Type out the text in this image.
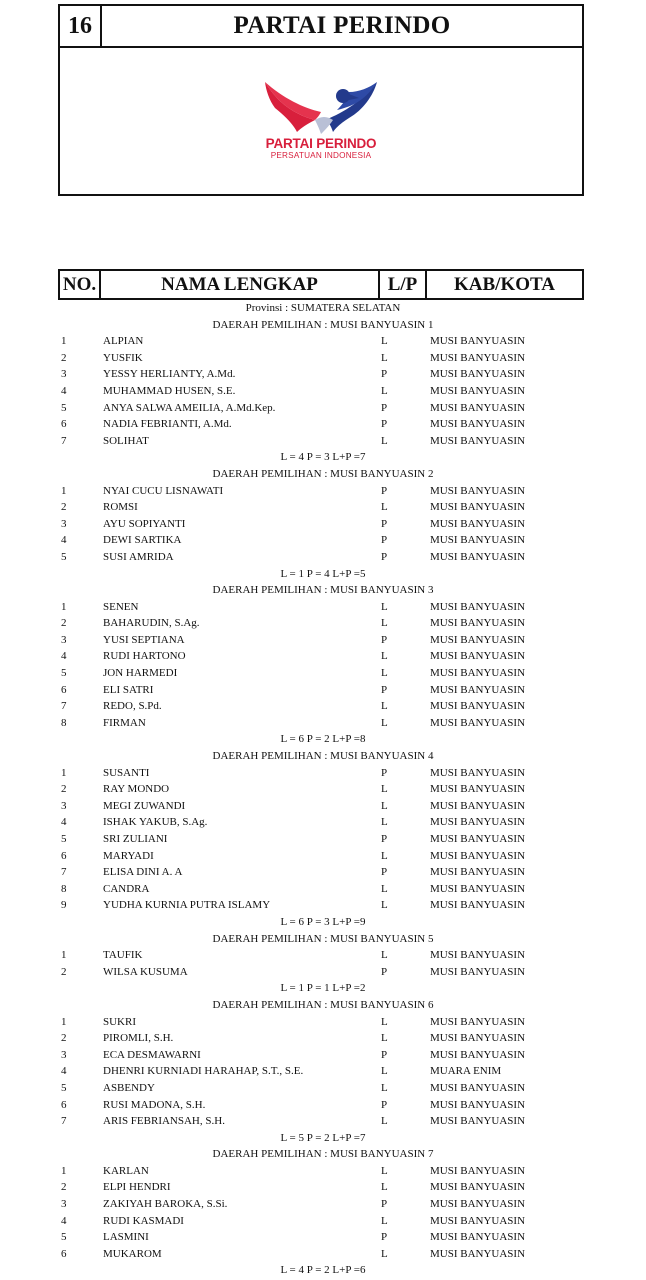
16	PARTAI PERINDO
PARTAI PERINDO
PERSATUAN INDONESIA
NO.	NAMA LENGKAP	L/P	KAB/KOTA
Provinsi : SUMATERA SELATAN
DAERAH PEMILIHAN : MUSI BANYUASIN 1
1	ALPIAN	L	MUSI BANYUASIN
2	YUSFIK	L	MUSI BANYUASIN
3	YESSY HERLIANTY, A.Md.	P	MUSI BANYUASIN
4	MUHAMMAD HUSEN, S.E.	L	MUSI BANYUASIN
5	ANYA SALWA AMEILIA, A.Md.Kep.	P	MUSI BANYUASIN
6	NADIA FEBRIANTI, A.Md.	P	MUSI BANYUASIN
7	SOLIHAT	L	MUSI BANYUASIN
L = 4 P = 3 L+P =7
DAERAH PEMILIHAN : MUSI BANYUASIN 2
1	NYAI CUCU LISNAWATI	P	MUSI BANYUASIN
2	ROMSI	L	MUSI BANYUASIN
3	AYU SOPIYANTI	P	MUSI BANYUASIN
4	DEWI SARTIKA	P	MUSI BANYUASIN
5	SUSI AMRIDA	P	MUSI BANYUASIN
L = 1 P = 4 L+P =5
DAERAH PEMILIHAN : MUSI BANYUASIN 3
1	SENEN	L	MUSI BANYUASIN
2	BAHARUDIN, S.Ag.	L	MUSI BANYUASIN
3	YUSI SEPTIANA	P	MUSI BANYUASIN
4	RUDI HARTONO	L	MUSI BANYUASIN
5	JON HARMEDI	L	MUSI BANYUASIN
6	ELI SATRI	P	MUSI BANYUASIN
7	REDO, S.Pd.	L	MUSI BANYUASIN
8	FIRMAN	L	MUSI BANYUASIN
L = 6 P = 2 L+P =8
DAERAH PEMILIHAN : MUSI BANYUASIN 4
1	SUSANTI	P	MUSI BANYUASIN
2	RAY MONDO	L	MUSI BANYUASIN
3	MEGI ZUWANDI	L	MUSI BANYUASIN
4	ISHAK YAKUB, S.Ag.	L	MUSI BANYUASIN
5	SRI ZULIANI	P	MUSI BANYUASIN
6	MARYADI	L	MUSI BANYUASIN
7	ELISA DINI A. A	P	MUSI BANYUASIN
8	CANDRA	L	MUSI BANYUASIN
9	YUDHA KURNIA PUTRA ISLAMY	L	MUSI BANYUASIN
L = 6 P = 3 L+P =9
DAERAH PEMILIHAN : MUSI BANYUASIN 5
1	TAUFIK	L	MUSI BANYUASIN
2	WILSA KUSUMA	P	MUSI BANYUASIN
L = 1 P = 1 L+P =2
DAERAH PEMILIHAN : MUSI BANYUASIN 6
1	SUKRI	L	MUSI BANYUASIN
2	PIROMLI, S.H.	L	MUSI BANYUASIN
3	ECA DESMAWARNI	P	MUSI BANYUASIN
4	DHENRI KURNIADI HARAHAP, S.T., S.E.	L	MUARA ENIM
5	ASBENDY	L	MUSI BANYUASIN
6	RUSI MADONA, S.H.	P	MUSI BANYUASIN
7	ARIS FEBRIANSAH, S.H.	L	MUSI BANYUASIN
L = 5 P = 2 L+P =7
DAERAH PEMILIHAN : MUSI BANYUASIN 7
1	KARLAN	L	MUSI BANYUASIN
2	ELPI HENDRI	L	MUSI BANYUASIN
3	ZAKIYAH BAROKA, S.Si.	P	MUSI BANYUASIN
4	RUDI KASMADI	L	MUSI BANYUASIN
5	LASMINI	P	MUSI BANYUASIN
6	MUKAROM	L	MUSI BANYUASIN
L = 4 P = 2 L+P =6
